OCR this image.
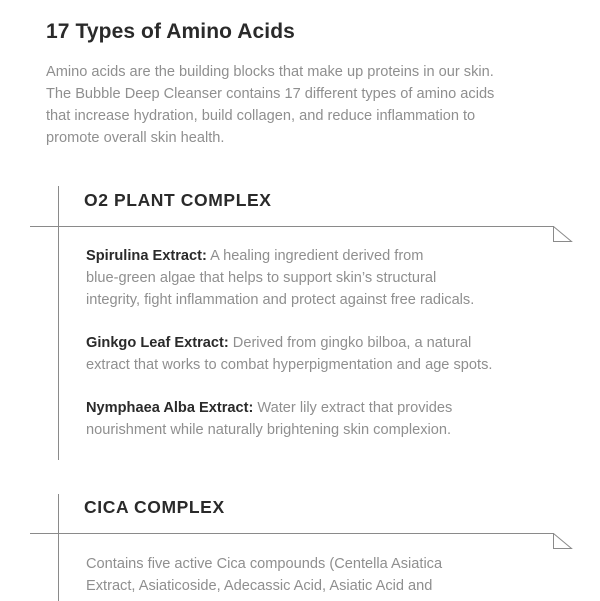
17 Types of Amino Acids
Amino acids are the building blocks that make up proteins in our skin.
The Bubble Deep Cleanser contains 17 different types of amino acids
that increase hydration, build collagen, and reduce inflammation to
promote overall skin health.
O2 PLANT COMPLEX

Spirulina Extract: A healing ingredient derived from
blue-green algae that helps to support skin’s structural
integrity, fight inflammation and protect against free radicals.

Ginkgo Leaf Extract: Derived from gingko bilboa, a natural
extract that works to combat hyperpigmentation and age spots.

Nymphaea Alba Extract: Water lily extract that provides
nourishment while naturally brightening skin complexion.

CICA COMPLEX

Contains five active Cica compounds (Centella Asiatica
Extract, Asiaticoside, Adecassic Acid, Asiatic Acid and
